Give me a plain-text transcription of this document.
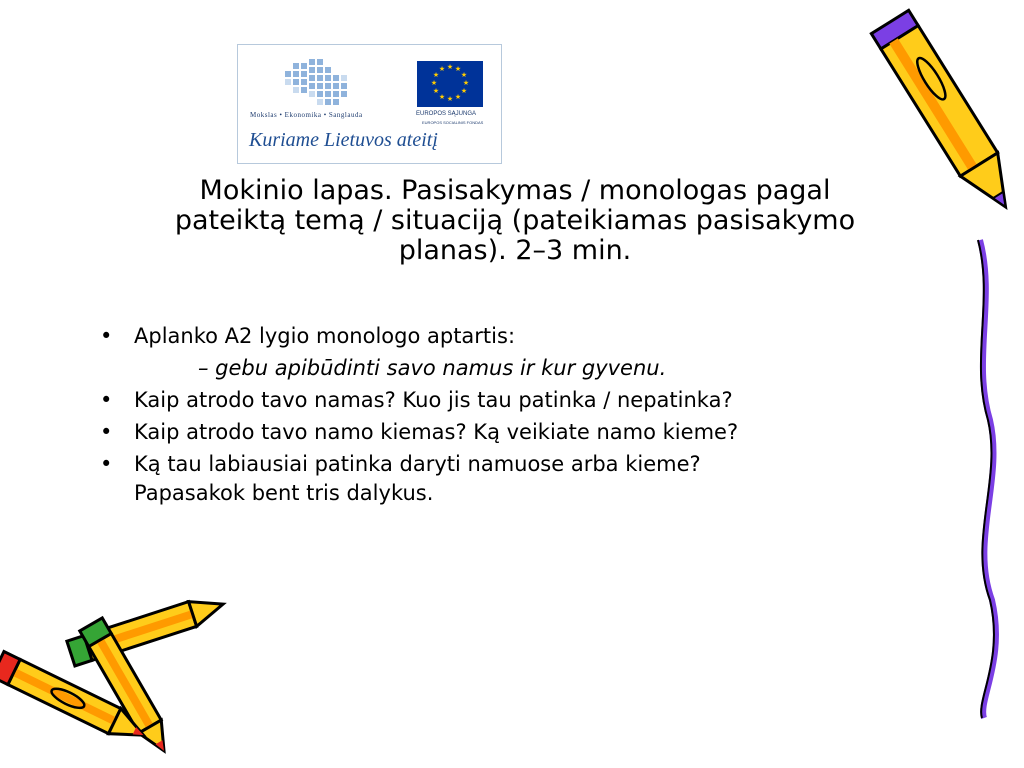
★ ★
★
★
★
★
★
★
★
★
★
★
Mokslas • Ekonomika • Sanglauda	EUROPOS SĄJUNGA
EUROPOS SOCIALINIS FONDAS
Kuriame Lietuvos ateitį
Mokinio lapas. Pasisakymas / monologas pagal
pateiktą temą / situaciją (pateikiamas pasisakymo
planas). 2–3 min.
•	Aplanko A2 lygio monologo aptartis:
– gebu apibūdinti savo namus ir kur gyvenu.
•	Kaip atrodo tavo namas? Kuo jis tau patinka / nepatinka?
•	Kaip atrodo tavo namo kiemas? Ką veikiate namo kieme?
•	Ką tau labiausiai patinka daryti namuose arba kieme?
Papasakok bent tris dalykus.
